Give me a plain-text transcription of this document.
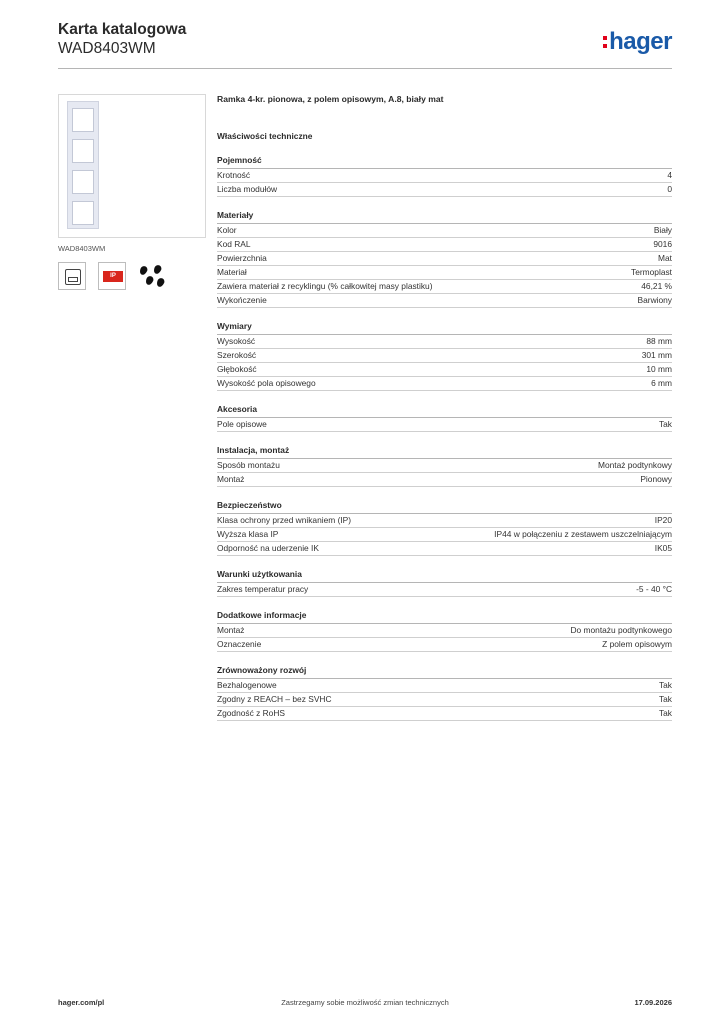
Karta katalogowa
WAD8403WM	hager
WAD8403WM
IP
Ramka 4-kr. pionowa, z polem opisowym, A.8, biały mat
Właściwości techniczne
Pojemność
Krotność	4
Liczba modułów	0
Materiały
Kolor	Biały
Kod RAL	9016
Powierzchnia	Mat
Materiał	Termoplast
Zawiera materiał z recyklingu (% całkowitej masy plastiku)	46,21 %
Wykończenie	Barwiony
Wymiary
Wysokość	88 mm
Szerokość	301 mm
Głębokość	10 mm
Wysokość pola opisowego	6 mm
Akcesoria
Pole opisowe	Tak
Instalacja, montaż
Sposób montażu	Montaż podtynkowy
Montaż	Pionowy
Bezpieczeństwo
Klasa ochrony przed wnikaniem (IP)	IP20
Wyższa klasa IP	IP44 w połączeniu z zestawem uszczelniającym
Odporność na uderzenie IK	IK05
Warunki użytkowania
Zakres temperatur pracy	-5 - 40 °C
Dodatkowe informacje
Montaż	Do montażu podtynkowego
Oznaczenie	Z polem opisowym
Zrównoważony rozwój
Bezhalogenowe	Tak
Zgodny z REACH – bez SVHC	Tak
Zgodność z RoHS	Tak
hager.com/pl	Zastrzegamy sobie możliwość zmian technicznych	17.09.2026
